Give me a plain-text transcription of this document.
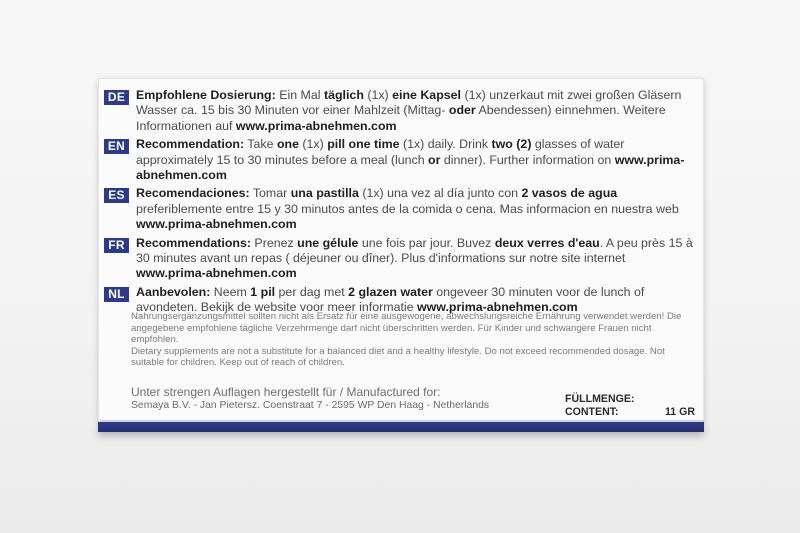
DE Empfohlene Dosierung: Ein Mal täglich (1x) eine Kapsel (1x) unzerkaut mit zwei großen Gläsern Wasser ca. 15 bis 30 Minuten vor einer Mahlzeit (Mittag- oder Abendessen) einnehmen. Weitere Informationen auf www.prima-abnehmen.com
EN Recommendation: Take one (1x) pill one time (1x) daily. Drink two (2) glasses of water approximately 15 to 30 minutes before a meal (lunch or dinner). Further information on www.prima-abnehmen.com
ES Recomendaciones: Tomar una pastilla (1x) una vez al día junto con 2 vasos de agua preferiblemente entre 15 y 30 minutos antes de la comida o cena. Mas informacion en nuestra web www.prima-abnehmen.com
FR Recommendations: Prenez une gélule une fois par jour. Buvez deux verres d'eau. A peu près 15 à 30 minutes avant un repas ( déjeuner ou dîner). Plus d'informations sur notre site internet www.prima-abnehmen.com
NL Aanbevolen: Neem 1 pil per dag met 2 glazen water ongeveer 30 minuten voor de lunch of avondeten. Bekijk de website voor meer informatie www.prima-abnehmen.com

Nahrungsergänzungsmittel sollten nicht als Ersatz für eine ausgewogene, abwechslungsreiche Ernährung verwendet werden! Die angegebene empfohlene tägliche Verzehrmenge darf nicht überschritten werden. Für Kinder und schwangere Frauen nicht empfohlen.

Dietary supplements are not a substitute for a balanced diet and a healthy lifestyle. Do not exceed recommended dosage. Not suitable for children. Keep out of reach of children.

Unter strengen Auflagen hergestellt für / Manufactured for:
Semaya B.V. - Jan Pietersz. Coenstraat 7 - 2595 WP Den Haag - Netherlands
FÜLLMENGE:
CONTENT:	11 GR
